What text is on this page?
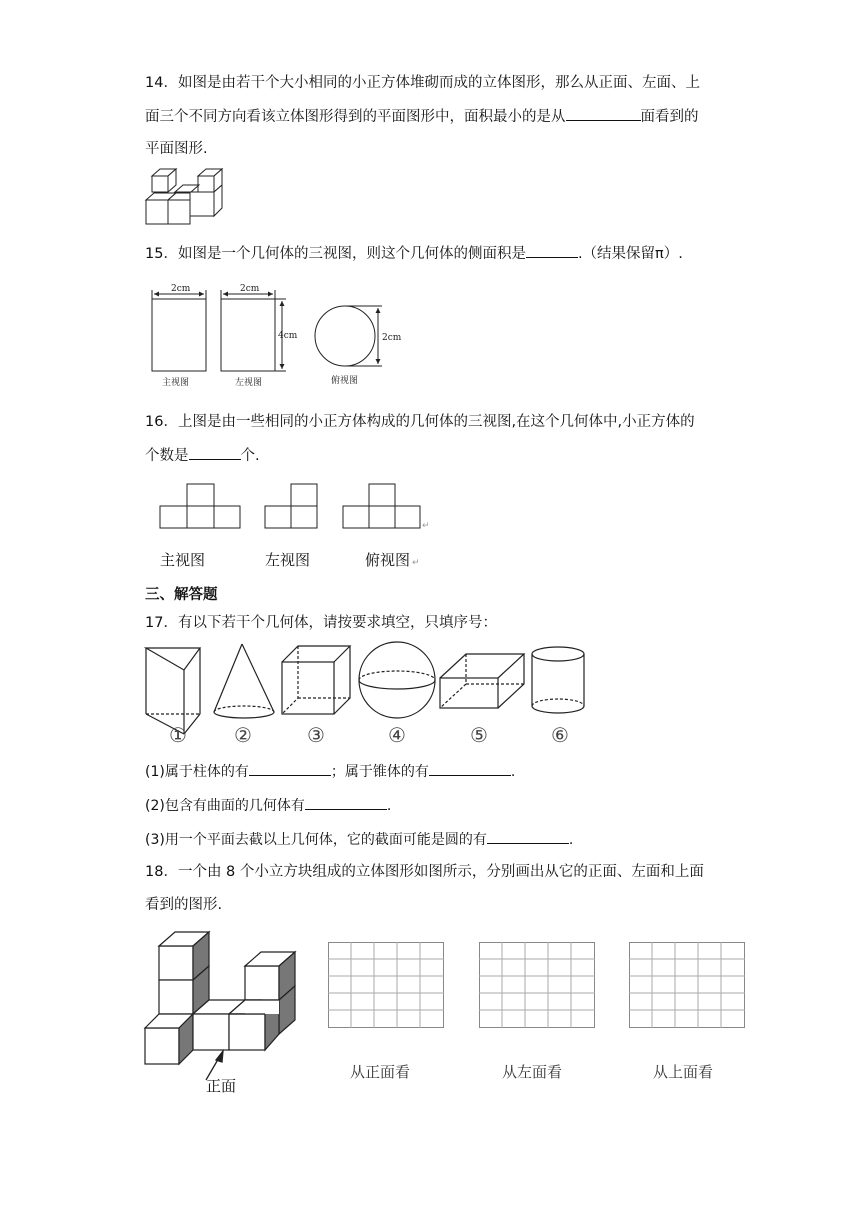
14．如图是由若干个大小相同的小正方体堆砌而成的立体图形，那么从正面、左面、上
面三个不同方向看该立体图形得到的平面图形中，面积最小的是从	面看到的
平面图形.
15．如图是一个几何体的三视图，则这个几何体的侧面积是	.（结果保留π）.
2cm	2cm
4cm	2cm
主视图	左视图	俯视图
16．上图是由一些相同的小正方体构成的几何体的三视图,在这个几何体中,小正方体的
个数是	个.
↵
主视图	左视图	俯视图 ↵
三、解答题
17．有以下若干个几何体，请按要求填空，只填序号：
① ②	③	④	⑤	⑥
(1)属于柱体的有	；属于锥体的有	.
(2)包含有曲面的几何体有	.
(3)用一个平面去截以上几何体，它的截面可能是圆的有	.
18．一个由 8 个小立方块组成的立体图形如图所示，分别画出从它的正面、左面和上面
看到的图形.
正面
从正面看	从左面看	从上面看
